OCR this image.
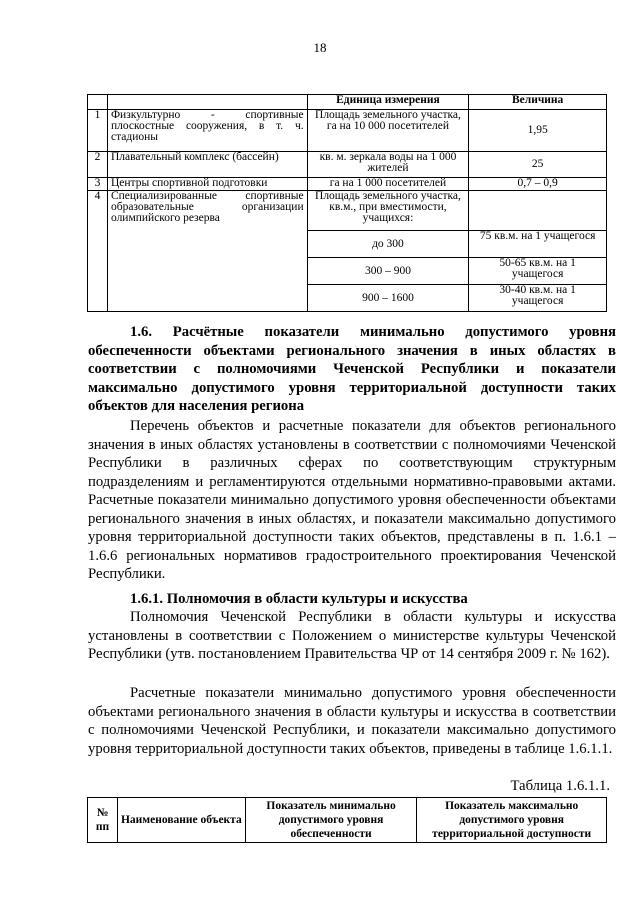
18
		Единица измерения	Величина
1	Физкультурно - спортивные плоскостные сооружения, в т. ч. стадионы	Площадь земельного участка, га на 10 000 посетителей	1,95
2	Плавательный комплекс (бассейн)	кв. м. зеркала воды на 1 000 жителей	25
3	Центры спортивной подготовки	га на 1 000 посетителей	0,7 – 0,9
4	Специализированные спортивные образовательные организации олимпийского резерва	Площадь земельного участка, кв.м., при вместимости, учащихся:	
		до 300	75 кв.м. на 1 учащегося
		300 – 900	50-65 кв.м. на 1 учащегося
		900 – 1600	30-40 кв.м. на 1 учащегося
1.6. Расчётные показатели минимально допустимого уровня обеспеченности объектами регионального значения в иных областях в соответствии с полномочиями Чеченской Республики и показатели максимально допустимого уровня территориальной доступности таких объектов для населения региона
Перечень объектов и расчетные показатели для объектов регионального значения в иных областях установлены в соответствии с полномочиями Чеченской Республики в различных сферах по соответствующим структурным подразделениям и регламентируются отдельными нормативно-правовыми актами. Расчетные показатели минимально допустимого уровня обеспеченности объектами регионального значения в иных областях, и показатели максимально допустимого уровня территориальной доступности таких объектов, представлены в п. 1.6.1 – 1.6.6 региональных нормативов градостроительного проектирования Чеченской Республики.
1.6.1. Полномочия в области культуры и искусства
Полномочия Чеченской Республики в области культуры и искусства установлены в соответствии с Положением о министерстве культуры Чеченской Республики (утв. постановлением Правительства ЧР от 14 сентября 2009 г. № 162).
Расчетные показатели минимально допустимого уровня обеспеченности объектами регионального значения в области культуры и искусства в соответствии с полномочиями Чеченской Республики, и показатели максимально допустимого уровня территориальной доступности таких объектов, приведены в таблице 1.6.1.1.
Таблица 1.6.1.1.
№ пп	Наименование объекта	Показатель минимально допустимого уровня обеспеченности	Показатель максимально допустимого уровня территориальной доступности
